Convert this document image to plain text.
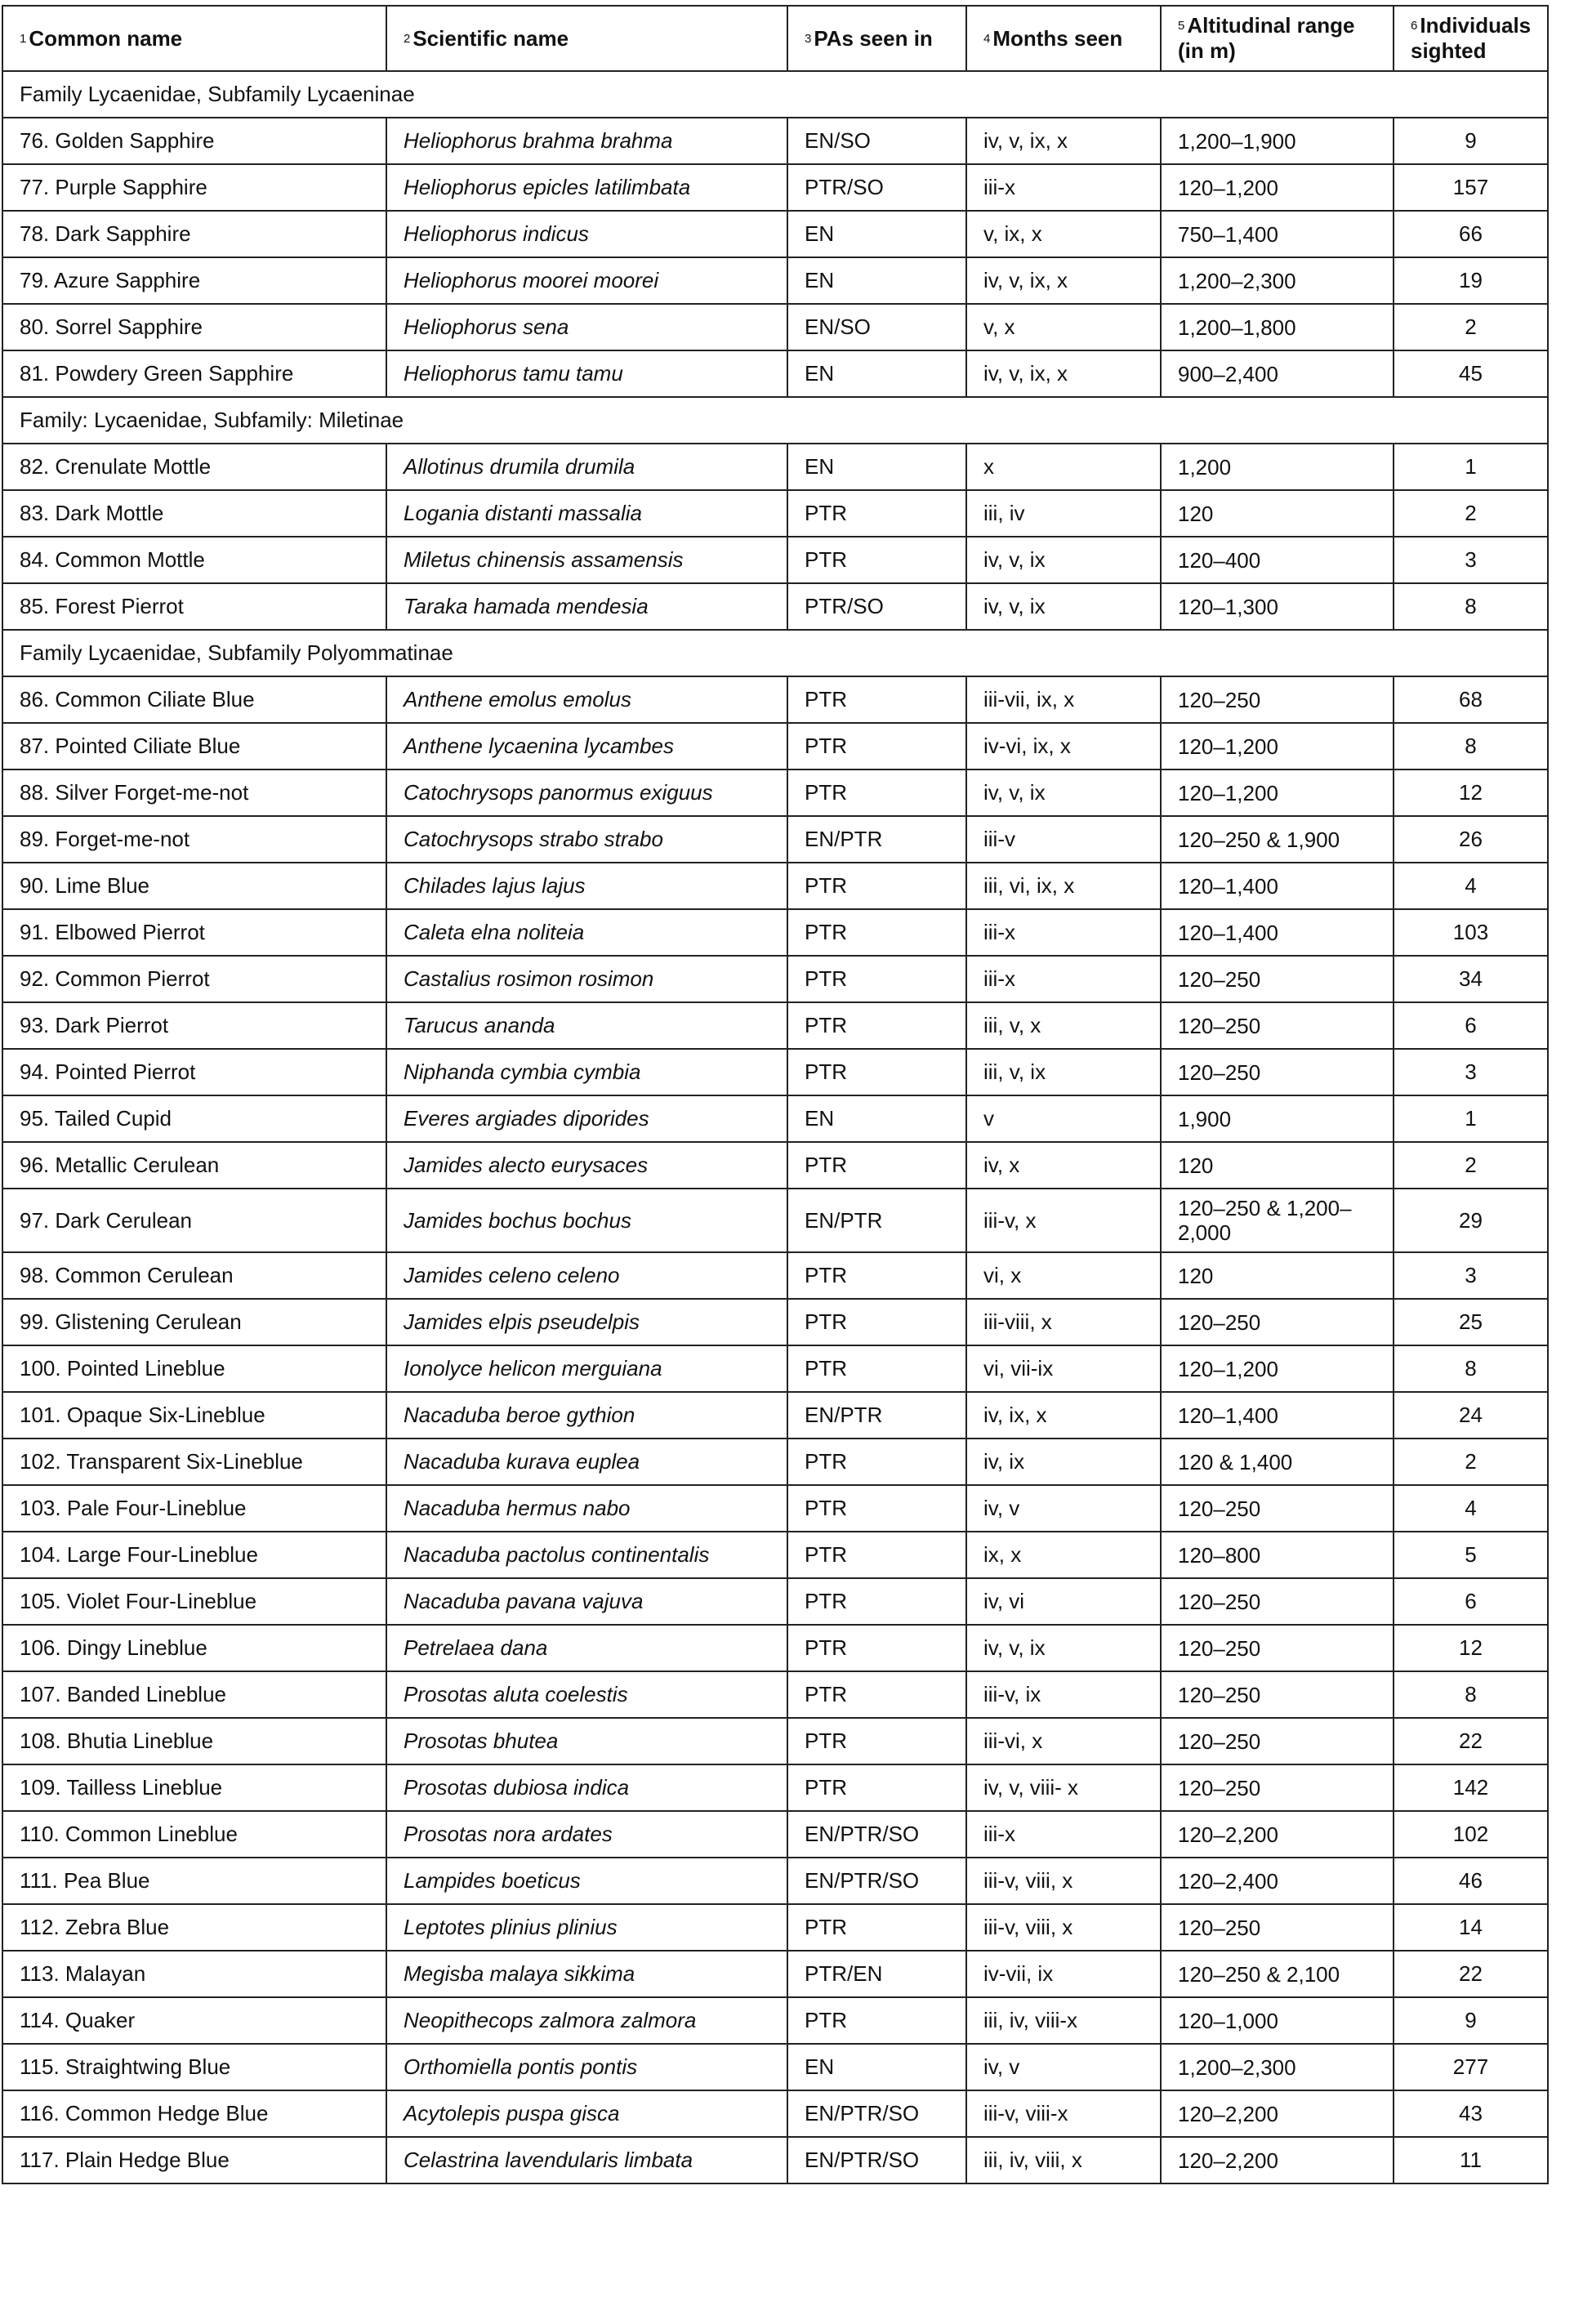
$^1$ Common name	$^2$ Scientific name	$^3$ PAs seen in	$^4$ Months seen	$^5$ Altitudinal range (in m)	$^6$ Individuals sighted
Family Lycaenidae, Subfamily Lycaeninae					
76. Golden Sapphire	Heliophorus brahma brahma	EN/SO	iv, v, ix, x	1,200–1,900	9
77. Purple Sapphire	Heliophorus epicles latilimbata	PTR/SO	iii-x	120–1,200	157
78. Dark Sapphire	Heliophorus indicus	EN	v, ix, x	750–1,400	66
79. Azure Sapphire	Heliophorus moorei moorei	EN	iv, v, ix, x	1,200–2,300	19
80. Sorrel Sapphire	Heliophorus sena	EN/SO	v, x	1,200–1,800	2
81. Powdery Green Sapphire	Heliophorus tamu tamu	EN	iv, v, ix, x	900–2,400	45
Family: Lycaenidae, Subfamily: Miletinae					
82. Crenulate Mottle	Allotinus drumila drumila	EN	x	1,200	1
83. Dark Mottle	Logania distanti massalia	PTR	iii, iv	120	2
84. Common Mottle	Miletus chinensis assamensis	PTR	iv, v, ix	120–400	3
85. Forest Pierrot	Taraka hamada mendesia	PTR/SO	iv, v, ix	120–1,300	8
Family Lycaenidae, Subfamily Polyommatinae					
86. Common Ciliate Blue	Anthene emolus emolus	PTR	iii-vii, ix, x	120–250	68
87. Pointed Ciliate Blue	Anthene lycaenina lycambes	PTR	iv-vi, ix, x	120–1,200	8
88. Silver Forget-me-not	Catochrysops panormus exiguus	PTR	iv, v, ix	120–1,200	12
89. Forget-me-not	Catochrysops strabo strabo	EN/PTR	iii-v	120–250 & 1,900	26
90. Lime Blue	Chilades lajus lajus	PTR	iii, vi, ix, x	120–1,400	4
91. Elbowed Pierrot	Caleta elna noliteia	PTR	iii-x	120–1,400	103
92. Common Pierrot	Castalius rosimon rosimon	PTR	iii-x	120–250	34
93. Dark Pierrot	Tarucus ananda	PTR	iii, v, x	120–250	6
94. Pointed Pierrot	Niphanda cymbia cymbia	PTR	iii, v, ix	120–250	3
95. Tailed Cupid	Everes argiades diporides	EN	v	1,900	1
96. Metallic Cerulean	Jamides alecto eurysaces	PTR	iv, x	120	2
97. Dark Cerulean	Jamides bochus bochus	EN/PTR	iii-v, x	120–250 & 1,200–2,000	29
98. Common Cerulean	Jamides celeno celeno	PTR	vi, x	120	3
99. Glistening Cerulean	Jamides elpis pseudelpis	PTR	iii-viii, x	120–250	25
100. Pointed Lineblue	Ionolyce helicon merguiana	PTR	vi, vii-ix	120–1,200	8
101. Opaque Six-Lineblue	Nacaduba beroe gythion	EN/PTR	iv, ix, x	120–1,400	24
102. Transparent Six-Lineblue	Nacaduba kurava euplea	PTR	iv, ix	120 & 1,400	2
103. Pale Four-Lineblue	Nacaduba hermus nabo	PTR	iv, v	120–250	4
104. Large Four-Lineblue	Nacaduba pactolus continentalis	PTR	ix, x	120–800	5
105. Violet Four-Lineblue	Nacaduba pavana vajuva	PTR	iv, vi	120–250	6
106. Dingy Lineblue	Petrelaea dana	PTR	iv, v, ix	120–250	12
107. Banded Lineblue	Prosotas aluta coelestis	PTR	iii-v, ix	120–250	8
108. Bhutia Lineblue	Prosotas bhutea	PTR	iii-vi, x	120–250	22
109. Tailless Lineblue	Prosotas dubiosa indica	PTR	iv, v, viii- x	120–250	142
110. Common Lineblue	Prosotas nora ardates	EN/PTR/SO	iii-x	120–2,200	102
111. Pea Blue	Lampides boeticus	EN/PTR/SO	iii-v, viii, x	120–2,400	46
112. Zebra Blue	Leptotes plinius plinius	PTR	iii-v, viii, x	120–250	14
113. Malayan	Megisba malaya sikkima	PTR/EN	iv-vii, ix	120–250 & 2,100	22
114. Quaker	Neopithecops zalmora zalmora	PTR	iii, iv, viii-x	120–1,000	9
115. Straightwing Blue	Orthomiella pontis pontis	EN	iv, v	1,200–2,300	277
116. Common Hedge Blue	Acytolepis puspa gisca	EN/PTR/SO	iii-v, viii-x	120–2,200	43
117. Plain Hedge Blue	Celastrina lavendularis limbata	EN/PTR/SO	iii, iv, viii, x	120–2,200	11
